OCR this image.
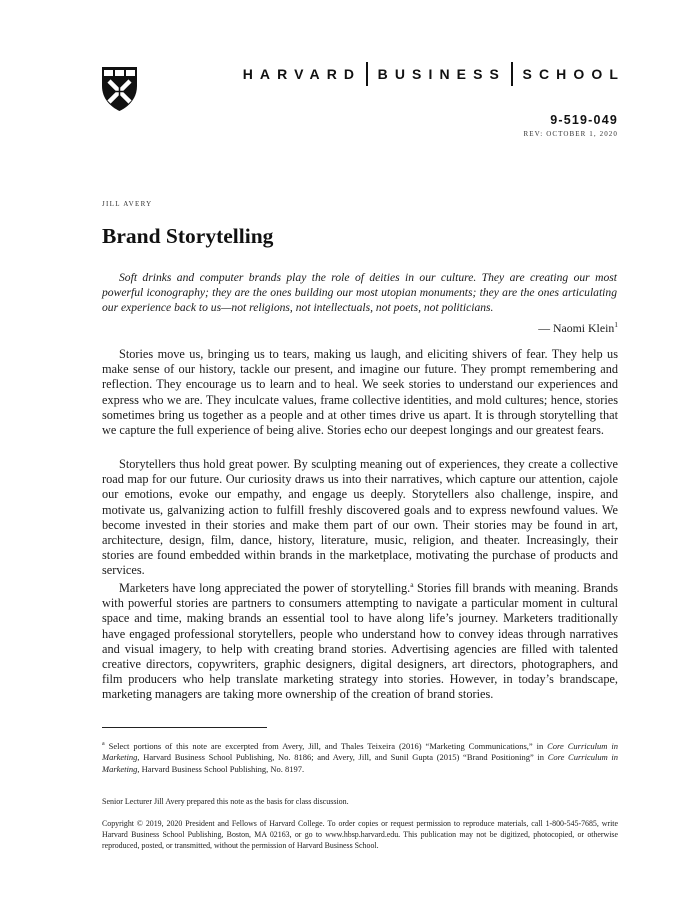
HARVARD BUSINESS SCHOOL
9-519-049
REV: OCTOBER 1, 2020
JILL AVERY
Brand Storytelling

Soft drinks and computer brands play the role of deities in our culture. They are creating our most powerful iconography; they are the ones building our most utopian monuments; they are the ones articulating our experience back to us—not religions, not intellectuals, not poets, not politicians.

— Naomi Klein$^1$

Stories move us, bringing us to tears, making us laugh, and eliciting shivers of fear. They help us make sense of our history, tackle our present, and imagine our future. They prompt remembering and reflection. They encourage us to learn and to heal. We seek stories to understand our experiences and express who we are. They inculcate values, frame collective identities, and mold cultures; hence, stories sometimes bring us together as a people and at other times drive us apart. It is through storytelling that we capture the full experience of being alive. Stories echo our deepest longings and our greatest fears.

Storytellers thus hold great power. By sculpting meaning out of experiences, they create a collective road map for our future. Our curiosity draws us into their narratives, which capture our attention, cajole our emotions, evoke our empathy, and engage us deeply. Storytellers also challenge, inspire, and motivate us, galvanizing action to fulfill freshly discovered goals and to express newfound values. We become invested in their stories and make them part of our own. Their stories may be found in art, architecture, design, film, dance, history, literature, music, religion, and theater. Increasingly, their stories are found embedded within brands in the marketplace, motivating the purchase of products and services.

Marketers have long appreciated the power of storytelling.$^a$ Stories fill brands with meaning. Brands with powerful stories are partners to consumers attempting to navigate a particular moment in cultural space and time, making brands an essential tool to have along life’s journey. Marketers traditionally have engaged professional storytellers, people who understand how to convey ideas through narratives and visual imagery, to help with creating brand stories. Advertising agencies are filled with talented creative directors, copywriters, graphic designers, digital designers, art directors, photographers, and film producers who help translate marketing strategy into stories. However, in today’s brandscape, marketing managers are taking more ownership of the creation of brand stories.

$^a$ Select portions of this note are excerpted from Avery, Jill, and Thales Teixeira (2016) “Marketing Communications,” in Core Curriculum in Marketing, Harvard Business School Publishing, No. 8186; and Avery, Jill, and Sunil Gupta (2015) “Brand Positioning” in Core Curriculum in Marketing, Harvard Business School Publishing, No. 8197.

Senior Lecturer Jill Avery prepared this note as the basis for class discussion.

Copyright © 2019, 2020 President and Fellows of Harvard College. To order copies or request permission to reproduce materials, call 1-800-545-7685, write Harvard Business School Publishing, Boston, MA 02163, or go to www.hbsp.harvard.edu. This publication may not be digitized, photocopied, or otherwise reproduced, posted, or transmitted, without the permission of Harvard Business School.
